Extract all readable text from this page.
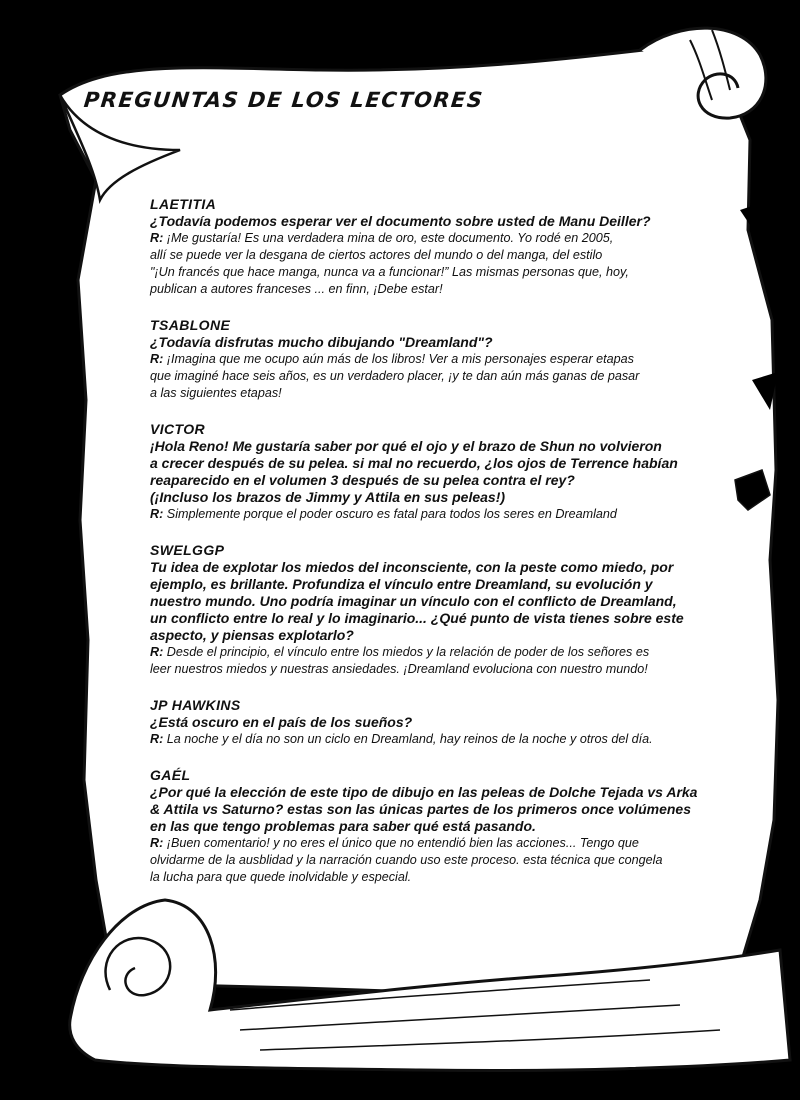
PREGUNTAS DE LOS LECTORES
LAETITIA
¿Todavía podemos esperar ver el documento sobre usted de Manu Deiller?
R: ¡Me gustaría! Es una verdadera mina de oro, este documento. Yo rodé en 2005,
allí se puede ver la desgana de ciertos actores del mundo o del manga, del estilo
"¡Un francés que hace manga, nunca va a funcionar!” Las mismas personas que, hoy,
publican a autores franceses ... en finn, ¡Debe estar!
TSABLONE
¿Todavía disfrutas mucho dibujando "Dreamland"?
R: ¡Imagina que me ocupo aún más de los libros! Ver a mis personajes esperar etapas
que imaginé hace seis años, es un verdadero placer, ¡y te dan aún más ganas de pasar
a las siguientes etapas!
VICTOR
¡Hola Reno! Me gustaría saber por qué el ojo y el brazo de Shun no volvieron
a crecer después de su pelea. si mal no recuerdo, ¿los ojos de Terrence habían
reaparecido en el volumen 3 después de su pelea contra el rey?
(¡Incluso los brazos de Jimmy y Attila en sus peleas!)
R: Simplemente porque el poder oscuro es fatal para todos los seres en Dreamland
SWELGGP
Tu idea de explotar los miedos del inconsciente, con la peste como miedo, por
ejemplo, es brillante. Profundiza el vínculo entre Dreamland, su evolución y
nuestro mundo. Uno podría imaginar un vínculo con el conflicto de Dreamland,
un conflicto entre lo real y lo imaginario... ¿Qué punto de vista tienes sobre este
aspecto, y piensas explotarlo?
R: Desde el principio, el vínculo entre los miedos y la relación de poder de los señores es
leer nuestros miedos y nuestras ansiedades. ¡Dreamland evoluciona con nuestro mundo!
JP HAWKINS
¿Está oscuro en el país de los sueños?
R: La noche y el día no son un ciclo en Dreamland, hay reinos de la noche y otros del día.
GAÉL
¿Por qué la elección de este tipo de dibujo en las peleas de Dolche Tejada vs Arka
& Attila vs Saturno? estas son las únicas partes de los primeros once volúmenes
en las que tengo problemas para saber qué está pasando.
R: ¡Buen comentario! y no eres el único que no entendió bien las acciones... Tengo que
olvidarme de la ausblidad y la narración cuando uso este proceso. esta técnica que congela
la lucha para que quede inolvidable y especial.
